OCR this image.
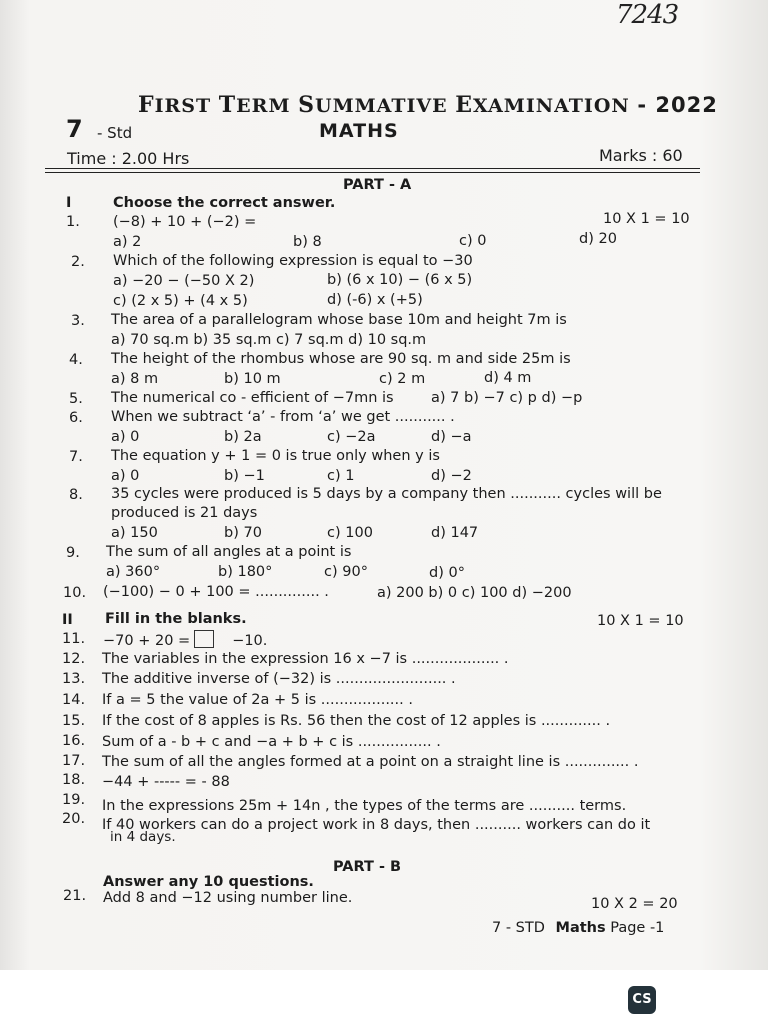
7243
FIRST TERM SUMMATIVE EXAMINATION - 2022
7 - Std	MATHS
Time : 2.00 Hrs	Marks : 60
PART - A
I	Choose the correct answer.
1. (−8) + 10 + (−2) =	10 X 1 = 10
a) 2	b) 8	c) 0	d) 20
2. Which of the following expression is equal to −30
a) −20 − (−50 X 2)	b) (6 x 10) − (6 x 5)
c) (2 x 5) + (4 x 5)	d) (-6) x (+5)
3. The area of a parallelogram whose base 10m and height 7m is
a) 70 sq.m b) 35 sq.m c) 7 sq.m d) 10 sq.m
4. The height of the rhombus whose are 90 sq. m and side 25m is
a) 8 m	b) 10 m	c) 2 m	d) 4 m
5. The numerical co - efficient of −7mn is	a) 7 b) −7 c) p d) −p
6. When we subtract ‘a’ - from ‘a’ we get ........... .
a) 0	b) 2a	c) −2a	d) −a
7. The equation y + 1 = 0 is true only when y is
a) 0	b) −1	c) 1	d) −2
8. 35 cycles were produced is 5 days by a company then ........... cycles will be
produced is 21 days
a) 150	b) 70	c) 100	d) 147
9. The sum of all angles at a point is
a) 360°	b) 180°	c) 90°	d) 0°
10. (−100) − 0 + 100 = .............. .	a) 200 b) 0 c) 100 d) −200
II Fill in the blanks.	10 X 1 = 10
11. −70 + 20 =	−10.
12. The variables in the expression 16 x −7 is ................... .
13. The additive inverse of (−32) is ........................ .
14. If a = 5 the value of 2a + 5 is .................. .
15. If the cost of 8 apples is Rs. 56 then the cost of 12 apples is ............. .
16. Sum of a - b + c and −a + b + c is ................ .
17. The sum of all the angles formed at a point on a straight line is .............. .
18. −44 + ----- = - 88
19. In the expressions 25m + 14n , the types of the terms are .......... terms.
20. If 40 workers can do a project work in 8 days, then .......... workers can do it
in 4 days.
PART - B
Answer any 10 questions.
21. Add 8 and −12 using number line.	10 X 2 = 20
7 - STD Maths Page -1
CS
